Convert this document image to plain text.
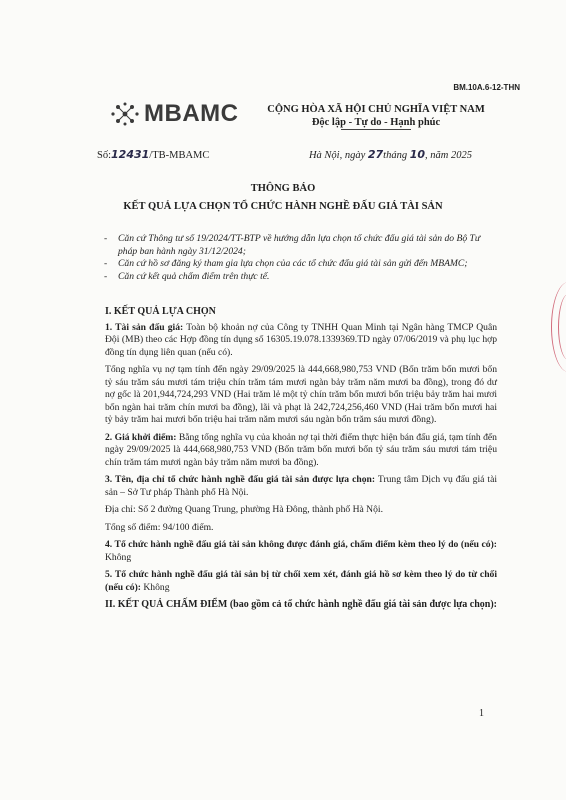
BM.10A.6-12-THN
MBAMC	CỘNG HÒA XÃ HỘI CHỦ NGHĨA VIỆT NAM
Độc lập - Tự do - Hạnh phúc
Số:12431/TB-MBAMC	Hà Nội, ngày 27tháng 10, năm 2025
THÔNG BÁO
KẾT QUẢ LỰA CHỌN TỔ CHỨC HÀNH NGHỀ ĐẤU GIÁ TÀI SẢN
- Căn cứ Thông tư số 19/2024/TT-BTP về hướng dẫn lựa chọn tổ chức đấu giá tài sản do Bộ Tư pháp ban hành ngày 31/12/2024;
- Căn cứ hồ sơ đăng ký tham gia lựa chọn của các tổ chức đấu giá tài sản gửi đến MBAMC;
- Căn cứ kết quả chấm điểm trên thực tế.

I. KẾT QUẢ LỰA CHỌN

1. Tài sản đấu giá: Toàn bộ khoản nợ của Công ty TNHH Quan Minh tại Ngân hàng TMCP Quân Đội (MB) theo các Hợp đồng tín dụng số 16305.19.078.1339369.TD ngày 07/06/2019 và phụ lục hợp đồng tín dụng liên quan (nếu có).

Tổng nghĩa vụ nợ tạm tính đến ngày 29/09/2025 là 444,668,980,753 VND (Bốn trăm bốn mươi bốn tỷ sáu trăm sáu mươi tám triệu chín trăm tám mươi ngàn bảy trăm năm mươi ba đồng), trong đó dư nợ gốc là 201,944,724,293 VND (Hai trăm lẻ một tỷ chín trăm bốn mươi bốn triệu bảy trăm hai mươi bốn ngàn hai trăm chín mươi ba đồng), lãi và phạt là 242,724,256,460 VND (Hai trăm bốn mươi hai tỷ bảy trăm hai mươi bốn triệu hai trăm năm mươi sáu ngàn bốn trăm sáu mươi đồng).

2. Giá khởi điểm: Bằng tổng nghĩa vụ của khoản nợ tại thời điểm thực hiện bán đấu giá, tạm tính đến ngày 29/09/2025 là 444,668,980,753 VND (Bốn trăm bốn mươi bốn tỷ sáu trăm sáu mươi tám triệu chín trăm tám mươi ngàn bảy trăm năm mươi ba đồng).

3. Tên, địa chỉ tổ chức hành nghề đấu giá tài sản được lựa chọn: Trung tâm Dịch vụ đấu giá tài sản – Sở Tư pháp Thành phố Hà Nội.

Địa chỉ: Số 2 đường Quang Trung, phường Hà Đông, thành phố Hà Nội.

Tổng số điểm: 94/100 điểm.

4. Tổ chức hành nghề đấu giá tài sản không được đánh giá, chấm điểm kèm theo lý do (nếu có): Không

5. Tổ chức hành nghề đấu giá tài sản bị từ chối xem xét, đánh giá hồ sơ kèm theo lý do từ chối (nếu có): Không

II. KẾT QUẢ CHẤM ĐIỂM (bao gồm cả tổ chức hành nghề đấu giá tài sản được lựa chọn):

1
